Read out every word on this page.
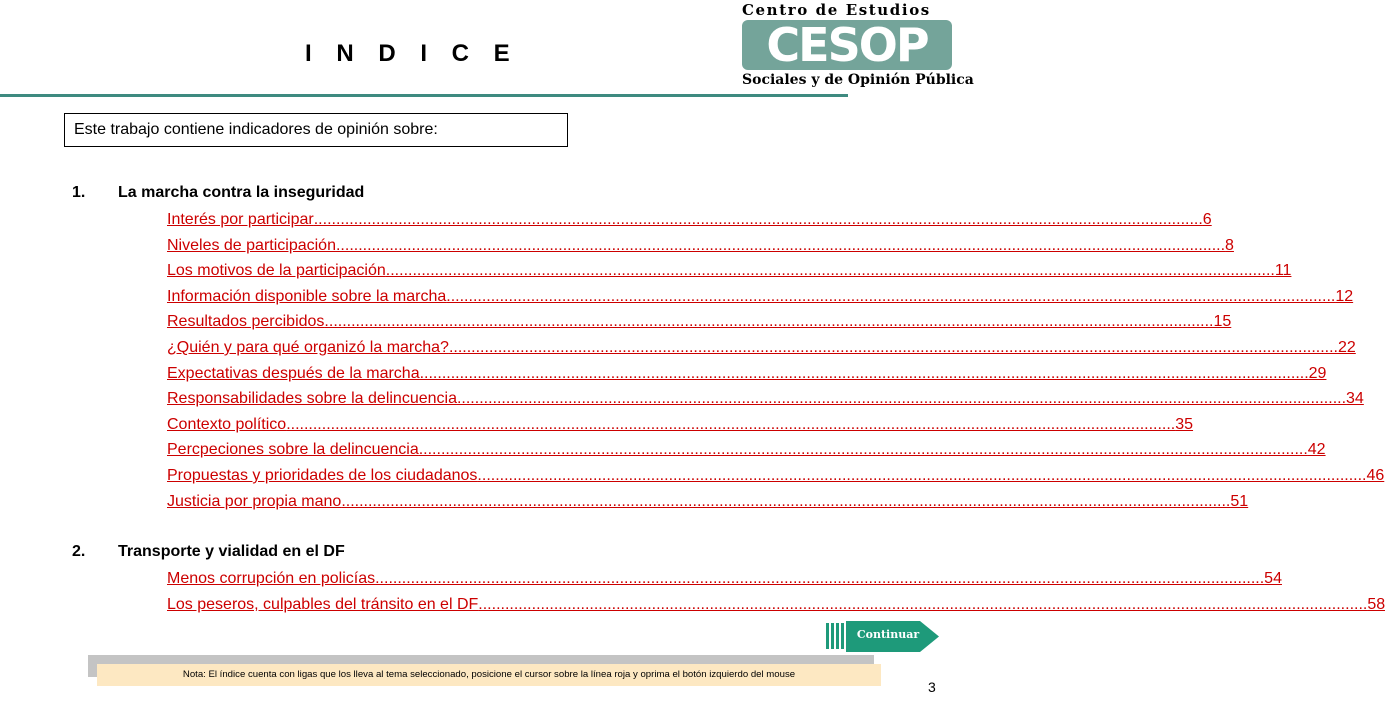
I N D I C E
Centro de Estudios
CESOP
Sociales y de Opinión Pública
Este trabajo contiene indicadores de opinión sobre:
1. La marcha contra la inseguridad
Interés por participar ........................................................................................................................................................................................................ 6
Niveles de participación ........................................................................................................................................................................................................ 8
Los motivos de la participación ........................................................................................................................................................................................................ 11
Información disponible sobre la marcha ........................................................................................................................................................................................................ 12
Resultados percibidos ........................................................................................................................................................................................................ 15
¿Quién y para qué organizó la marcha? ........................................................................................................................................................................................................ 22
Expectativas después de la marcha ........................................................................................................................................................................................................ 29
Responsabilidades sobre la delincuencia ........................................................................................................................................................................................................ 34
Contexto político ........................................................................................................................................................................................................ 35
Percpeciones sobre la delincuencia ........................................................................................................................................................................................................ 42
Propuestas y prioridades de los ciudadanos ........................................................................................................................................................................................................ 46
Justicia por propia mano ........................................................................................................................................................................................................ 51
2. Transporte y vialidad en el DF
Menos corrupción en policías ........................................................................................................................................................................................................ 54
Los peseros, culpables del tránsito en el DF ........................................................................................................................................................................................................ 58
Continuar
Nota: El índice cuenta con ligas que los lleva al tema seleccionado, posicione el cursor sobre la línea roja y oprima el botón izquierdo del mouse
3
